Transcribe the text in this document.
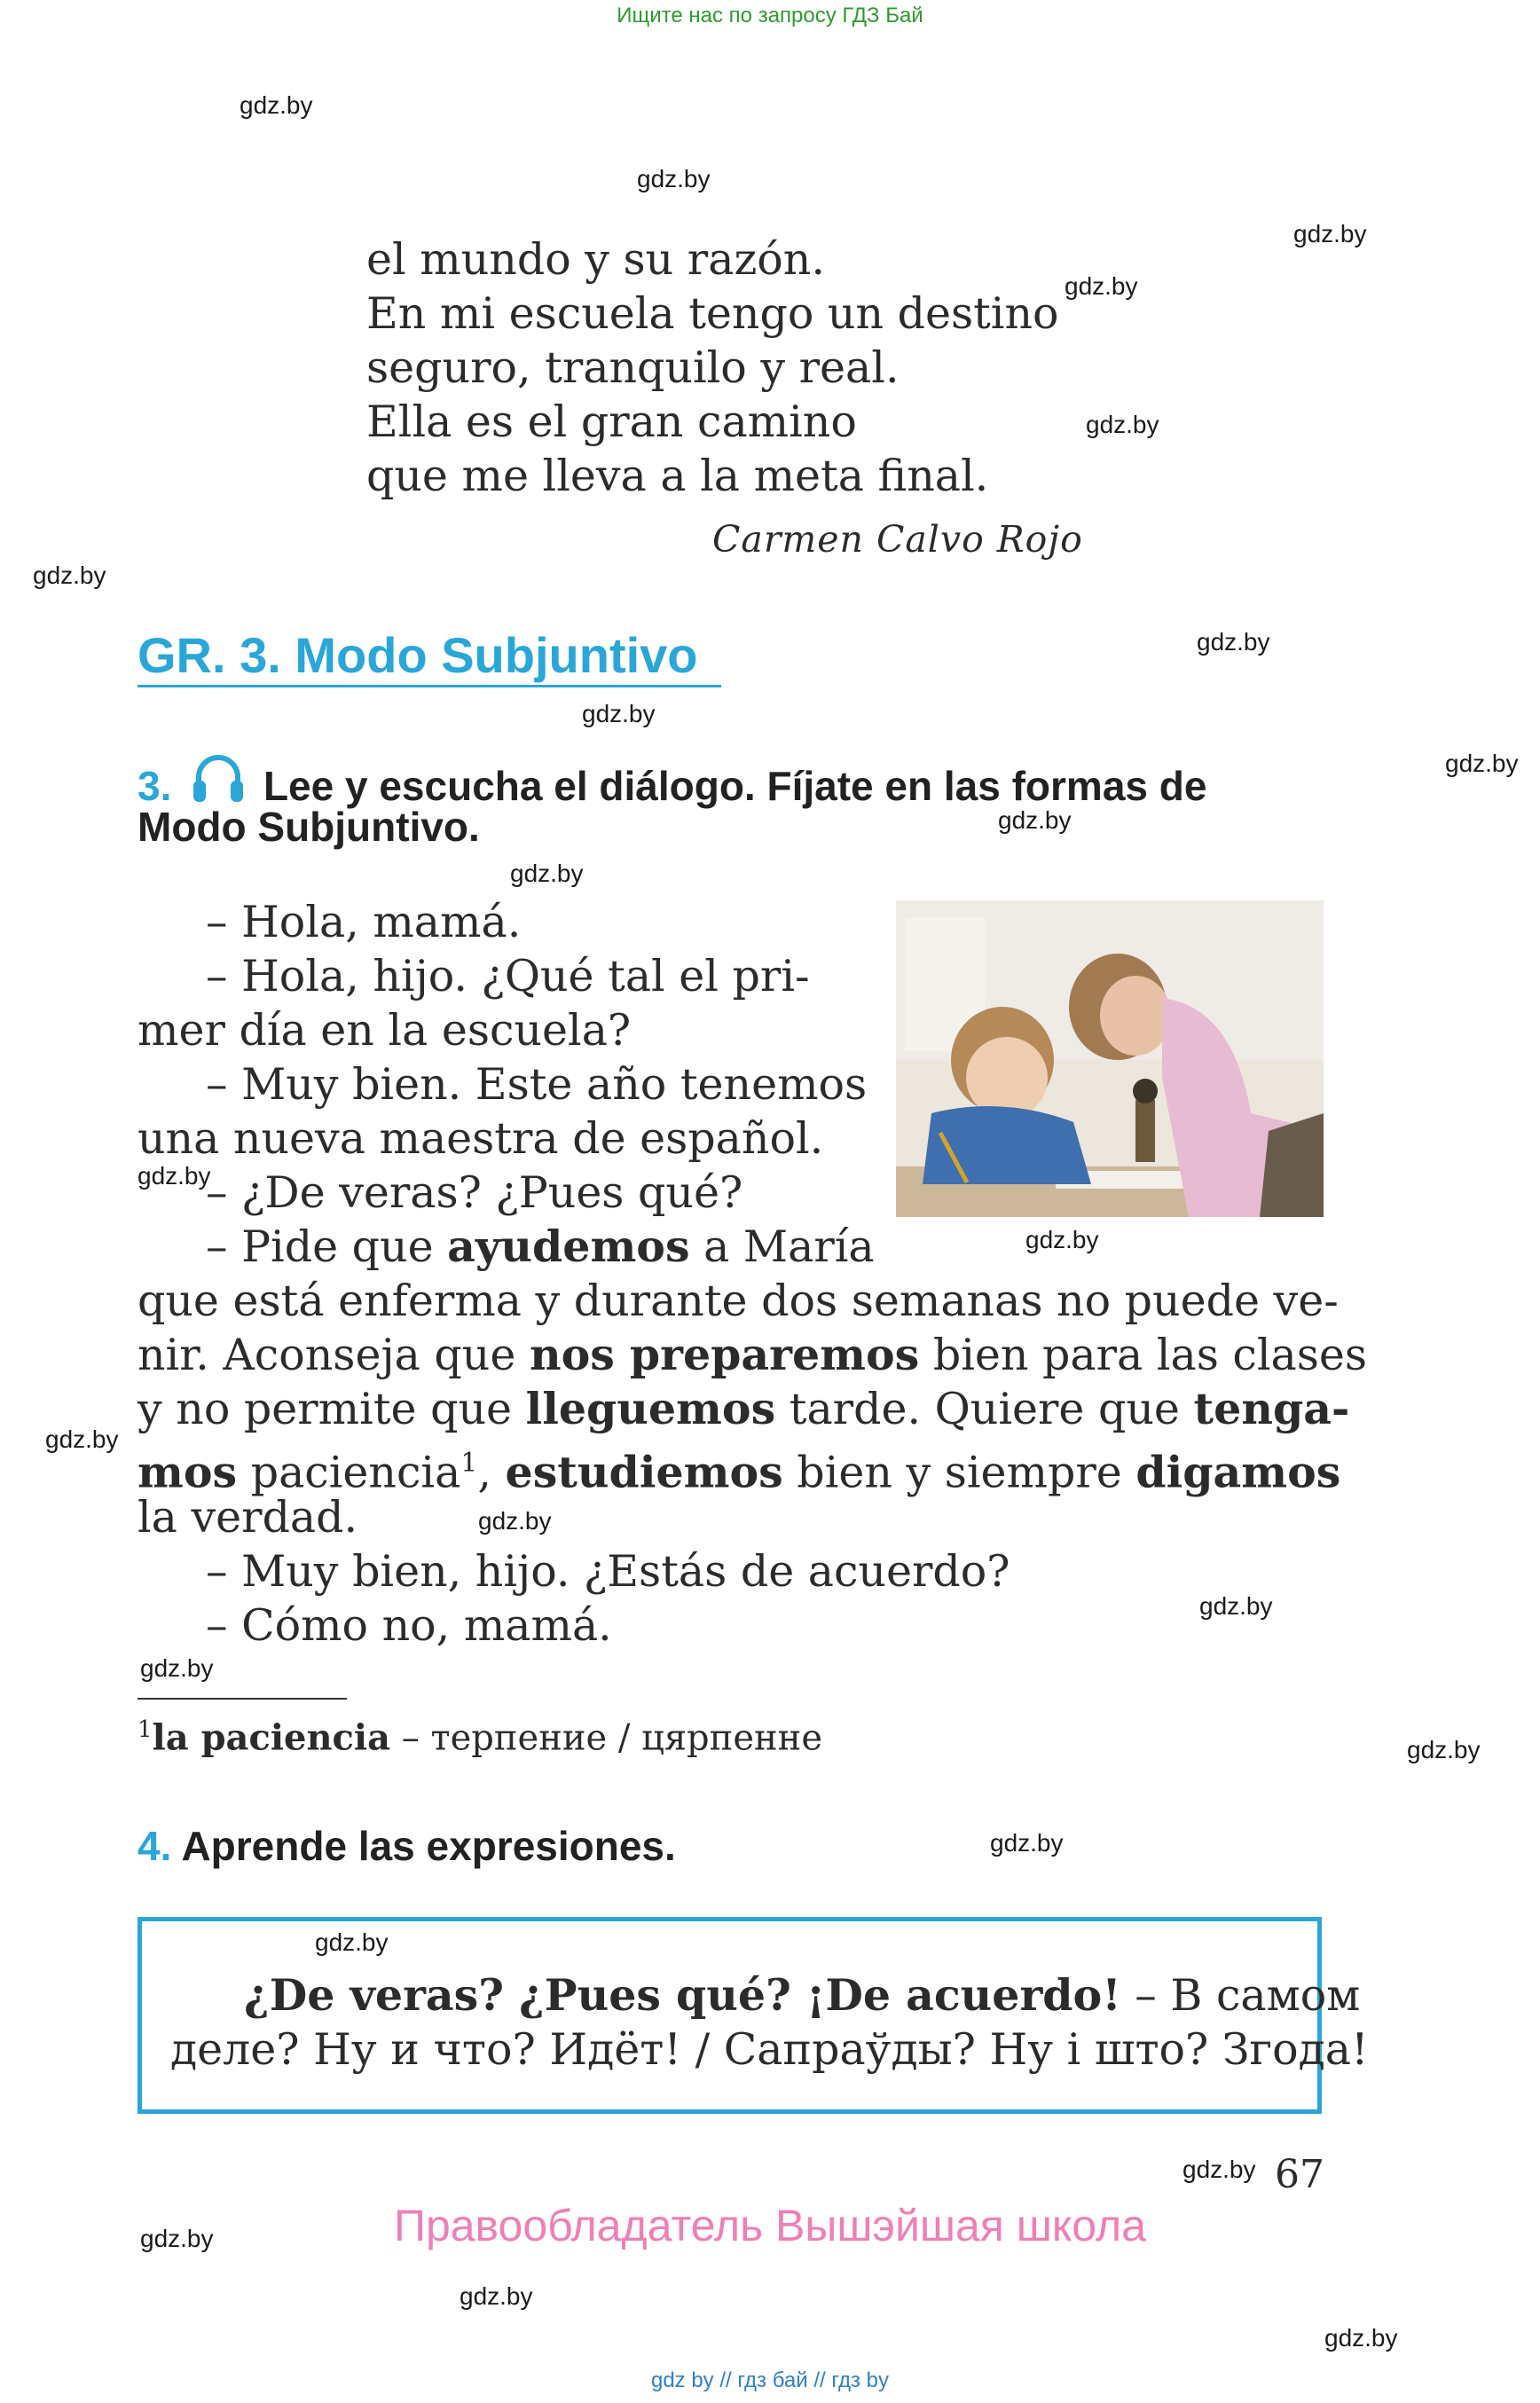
Ищите нас по запросу ГДЗ Бай
gdz.by
gdz.by
gdz.by
gdz.by
gdz.by
gdz.by
gdz.by
gdz.by
gdz.by
gdz.by
gdz.by
gdz.by
gdz.by
gdz.by
gdz.by
gdz.by
gdz.by
gdz.by
gdz.by
gdz.by
gdz.by
gdz.by
gdz.by
gdz.by
el mundo y su razón.
En mi escuela tengo un destino
seguro, tranquilo y real.
Ella es el gran camino
que me lleva a la meta final.
Carmen Calvo Rojo
GR. 3. Modo Subjuntivo
3. Lee y escucha el diálogo. Fíjate en las formas de
Modo Subjuntivo.
– Hola, mamá.
– Hola, hijo. ¿Qué tal el pri-
mer día en la escuela?
– Muy bien. Este año tenemos
una nueva maestra de español.
– ¿De veras? ¿Pues qué?
– Pide que ayudemos a María
que está enferma y durante dos semanas no puede ve-
nir. Aconseja que nos preparemos bien para las clases
y no permite que lleguemos tarde. Quiere que tenga-
mos paciencia$^1$, estudiemos bien y siempre digamos
la verdad.
– Muy bien, hijo. ¿Estás de acuerdo?
– Cómo no, mamá.
$^1$la paciencia – терпение / цярпенне
4. Aprende las expresiones.
¿De veras? ¿Pues qué? ¡De acuerdo! – В самом
деле? Ну и что? Идёт! / Сапраўды? Ну і што? Згода!
67
Правообладатель Вышэйшая школа
gdz by // гдз бай // гдз by
